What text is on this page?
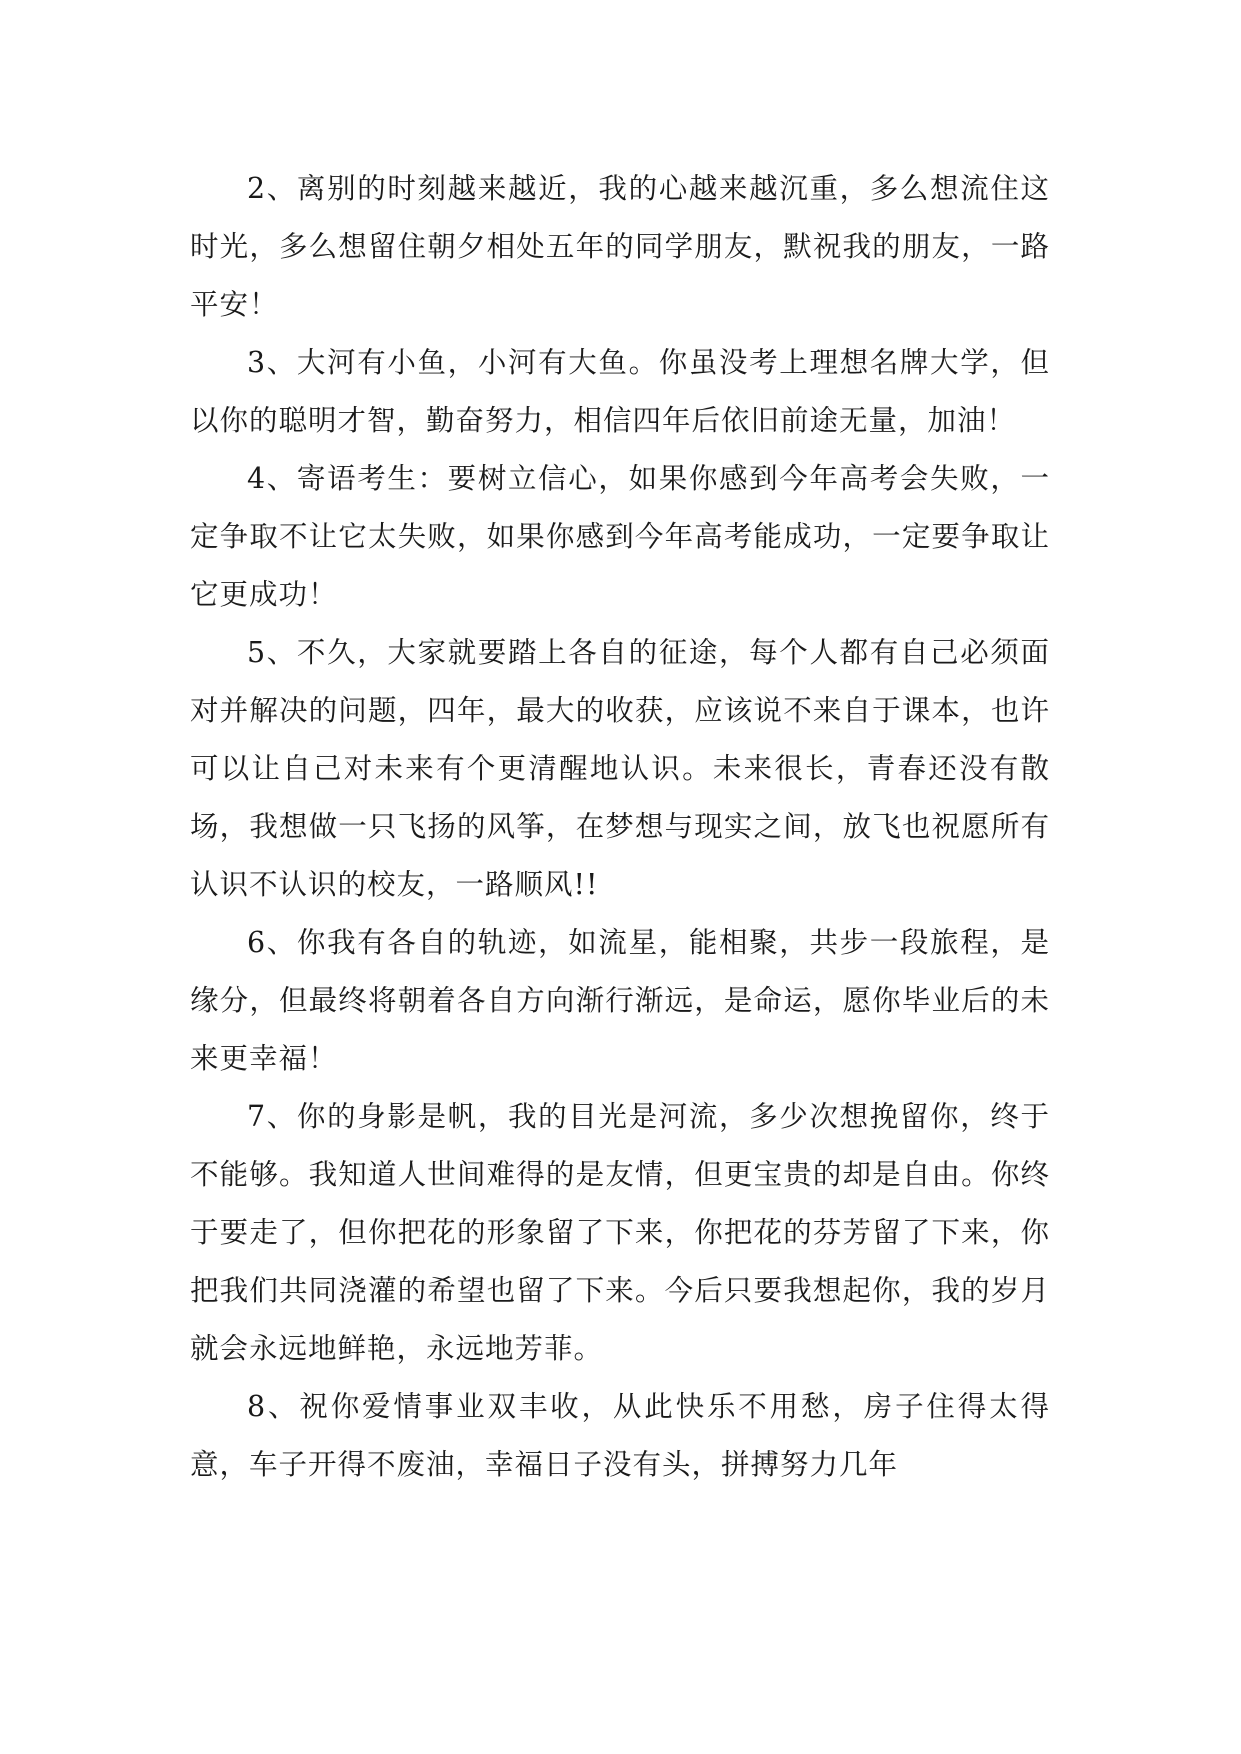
2、离别的时刻越来越近，我的心越来越沉重，多么想流住这时光，多么想留住朝夕相处五年的同学朋友，默祝我的朋友，一路平安！

3、大河有小鱼，小河有大鱼。你虽没考上理想名牌大学，但以你的聪明才智，勤奋努力，相信四年后依旧前途无量，加油！

4、寄语考生：要树立信心，如果你感到今年高考会失败，一定争取不让它太失败，如果你感到今年高考能成功，一定要争取让它更成功！

5、不久，大家就要踏上各自的征途，每个人都有自己必须面对并解决的问题，四年，最大的收获，应该说不来自于课本，也许可以让自己对未来有个更清醒地认识。未来很长，青春还没有散场，我想做一只飞扬的风筝，在梦想与现实之间，放飞也祝愿所有认识不认识的校友，一路顺风!!

6、你我有各自的轨迹，如流星，能相聚，共步一段旅程，是缘分，但最终将朝着各自方向渐行渐远，是命运，愿你毕业后的未来更幸福！

7、你的身影是帆，我的目光是河流，多少次想挽留你，终于不能够。我知道人世间难得的是友情，但更宝贵的却是自由。你终于要走了，但你把花的形象留了下来，你把花的芬芳留了下来，你把我们共同浇灌的希望也留了下来。今后只要我想起你，我的岁月就会永远地鲜艳，永远地芳菲。

8、祝你爱情事业双丰收，从此快乐不用愁，房子住得太得意，车子开得不废油，幸福日子没有头，拼搏努力几年
